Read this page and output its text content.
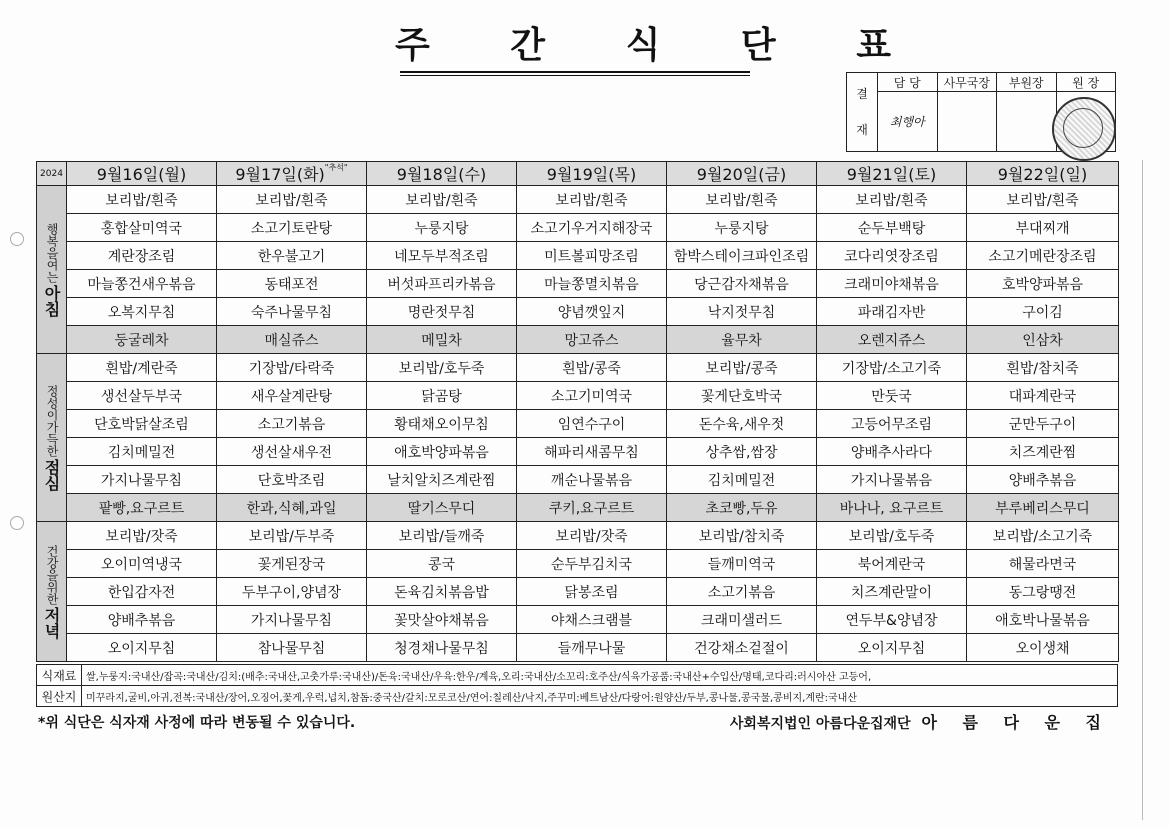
주 간 식 단 표
결

재	담 당	사무국장	부원장	원 장
	최행아			
2024	9월16일(월)	9월17일(화)$^{"추석"}$	9월18일(수)	9월19일(목)	9월20일(금)	9월21일(토)	9월22일(일)

행복을여는
아침	보리밥/흰죽	보리밥/흰죽	보리밥/흰죽	보리밥/흰죽	보리밥/흰죽	보리밥/흰죽	보리밥/흰죽
	홍합살미역국	소고기토란탕	누룽지탕	소고기우거지해장국	누룽지탕	순두부백탕	부대찌개
	계란장조림	한우불고기	네모두부적조림	미트볼피망조림	함박스테이크파인조림	코다리엿장조림	소고기메란장조림
	마늘쫑건새우볶음	동태포전	버섯파프리카볶음	마늘쫑멸치볶음	당근감자채볶음	크래미야채볶음	호박양파볶음
	오복지무침	숙주나물무침	명란젓무침	양념깻잎지	낙지젓무침	파래김자반	구이김
	둥굴레차	매실쥬스	메밀차	망고쥬스	율무차	오렌지쥬스	인삼차

정성이가득한
점심	흰밥/계란죽	기장밥/타락죽	보리밥/호두죽	흰밥/콩죽	보리밥/콩죽	기장밥/소고기죽	흰밥/참치죽
	생선살두부국	새우살계란탕	닭곰탕	소고기미역국	꽃게단호박국	만둣국	대파계란국
	단호박닭살조림	소고기볶음	황태채오이무침	임연수구이	돈수육,새우젓	고등어무조림	군만두구이
	김치메밀전	생선살새우전	애호박양파볶음	해파리새콤무침	상추쌈,쌈장	양배추사라다	치즈계란찜
	가지나물무침	단호박조림	날치알치즈계란찜	깨순나물볶음	김치메밀전	가지나물볶음	양배추볶음
	팥빵,요구르트	한과,식혜,과일	딸기스무디	쿠키,요구르트	초코빵,두유	바나나, 요구르트	부루베리스무디

건강을위한
저녁	보리밥/잣죽	보리밥/두부죽	보리밥/들깨죽	보리밥/잣죽	보리밥/참치죽	보리밥/호두죽	보리밥/소고기죽
	오이미역냉국	꽃게된장국	콩국	순두부김치국	들깨미역국	북어계란국	해물라면국
	한입감자전	두부구이,양념장	돈육김치볶음밥	닭봉조림	소고기볶음	치즈계란말이	동그랑땡전
	양배추볶음	가지나물무침	꽃맛살야채볶음	야채스크램블	크래미샐러드	연두부&양념장	애호박나물볶음
	오이지무침	참나물무침	청경채나물무침	들깨무나물	건강채소겉절이	오이지무침	오이생채
식재료	쌀,누룽지:국내산/잡곡:국내산/김치:(배추:국내산,고춧가루:국내산)/돈육:국내산/우육:한우/계육,오리:국내산/소꼬리:호주산/식육가공품:국내산+수입산/명태,코다리:러시아산 고등어,
원산지	미꾸라지,굴비,아귀,전복:국내산/장어,오징어,꽃게,우럭,넙치,참돔:중국산/갈치:모로코산/연어:칠레산/낙지,주꾸미:베트남산/다랑어:원양산/두부,콩나물,콩국물,콩비지,계란:국내산
*위 식단은 식자재 사정에 따라 변동될 수 있습니다.	사회복지법인 아름다운집재단 아 름 다 운 집
